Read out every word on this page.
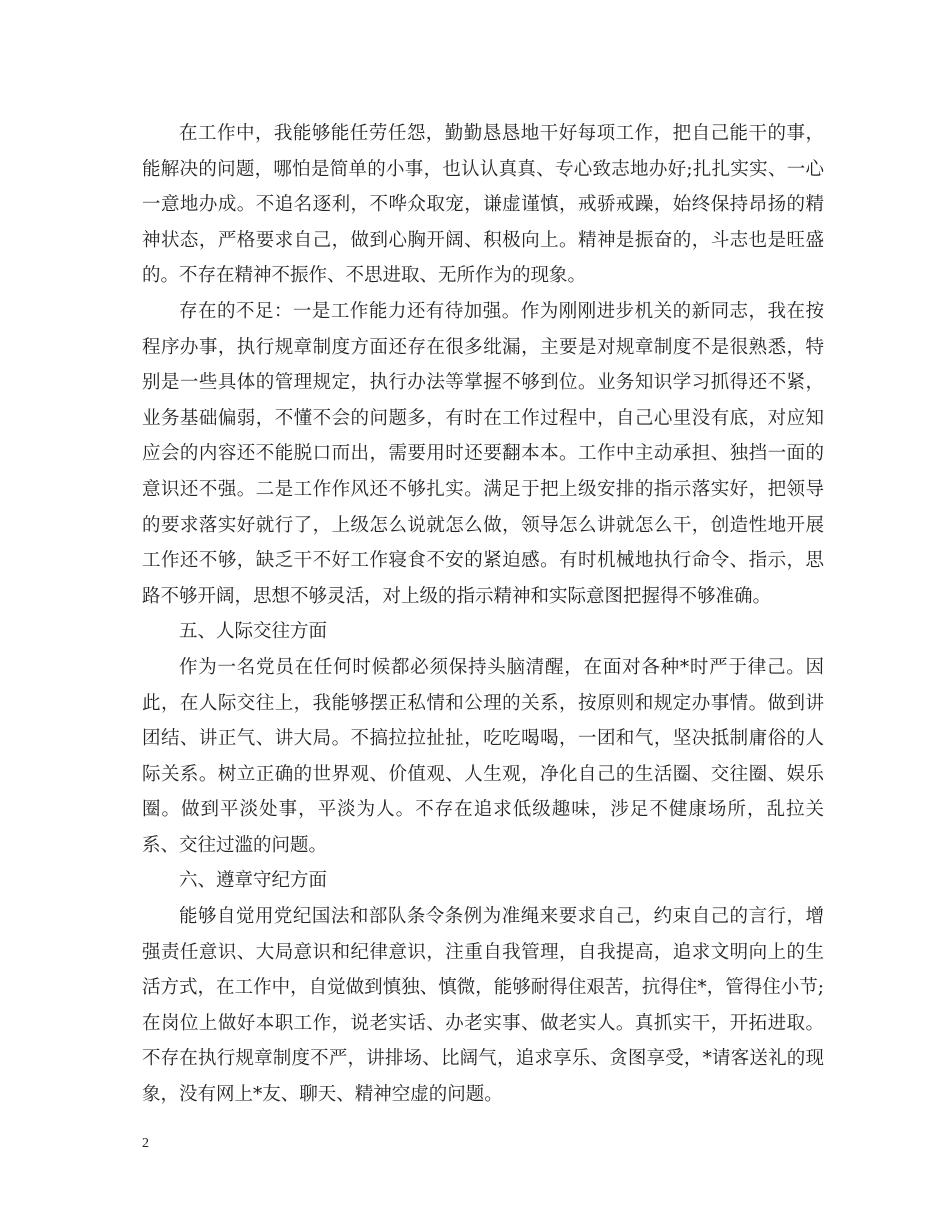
在工作中，我能够能任劳任怨，勤勤恳恳地干好每项工作，把自己能干的事，能解决的问题，哪怕是简单的小事，也认认真真、专心致志地办好;扎扎实实、一心一意地办成。不追名逐利，不哗众取宠，谦虚谨慎，戒骄戒躁，始终保持昂扬的精神状态，严格要求自己，做到心胸开阔、积极向上。精神是振奋的，斗志也是旺盛的。不存在精神不振作、不思进取、无所作为的现象。

存在的不足：一是工作能力还有待加强。作为刚刚进步机关的新同志，我在按程序办事，执行规章制度方面还存在很多纰漏，主要是对规章制度不是很熟悉，特别是一些具体的管理规定，执行办法等掌握不够到位。业务知识学习抓得还不紧，业务基础偏弱，不懂不会的问题多，有时在工作过程中，自己心里没有底，对应知应会的内容还不能脱口而出，需要用时还要翻本本。工作中主动承担、独挡一面的意识还不强。二是工作作风还不够扎实。满足于把上级安排的指示落实好，把领导的要求落实好就行了，上级怎么说就怎么做，领导怎么讲就怎么干，创造性地开展工作还不够，缺乏干不好工作寝食不安的紧迫感。有时机械地执行命令、指示，思路不够开阔，思想不够灵活，对上级的指示精神和实际意图把握得不够准确。

五、人际交往方面

作为一名党员在任何时候都必须保持头脑清醒，在面对各种*时严于律己。因此，在人际交往上，我能够摆正私情和公理的关系，按原则和规定办事情。做到讲团结、讲正气、讲大局。不搞拉拉扯扯，吃吃喝喝，一团和气，坚决抵制庸俗的人际关系。树立正确的世界观、价值观、人生观，净化自己的生活圈、交往圈、娱乐圈。做到平淡处事，平淡为人。不存在追求低级趣味，涉足不健康场所，乱拉关系、交往过滥的问题。

六、遵章守纪方面

能够自觉用党纪国法和部队条令条例为准绳来要求自己，约束自己的言行，增强责任意识、大局意识和纪律意识，注重自我管理，自我提高，追求文明向上的生活方式，在工作中，自觉做到慎独、慎微，能够耐得住艰苦，抗得住*，管得住小节;在岗位上做好本职工作，说老实话、办老实事、做老实人。真抓实干，开拓进取。不存在执行规章制度不严，讲排场、比阔气，追求享乐、贪图享受，*请客送礼的现象，没有网上*友、聊天、精神空虚的问题。

2
